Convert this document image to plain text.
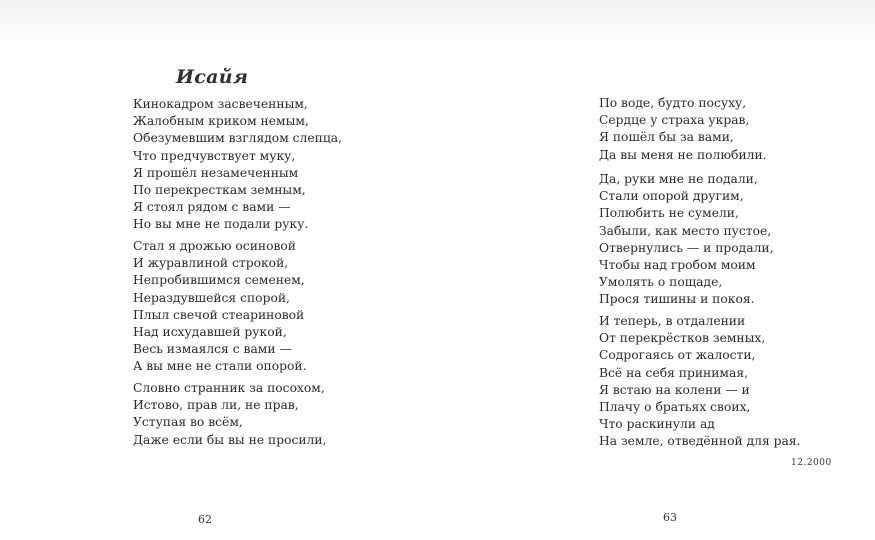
Исайя
Кинокадром засвеченным,
Жалобным криком немым,
Обезумевшим взглядом слепца,
Что предчувствует муку,
Я прошёл незамеченным
По перекресткам земным,
Я стоял рядом с вами —
Но вы мне не подали руку.
Стал я дрожью осиновой
И журавлиной строкой,
Непробившимся семенем,
Нераздувшейся спорой,
Плыл свечой стеариновой
Над исхудавшей рукой,
Весь измаялся с вами —
А вы мне не стали опорой.
Словно странник за посохом,
Истово, прав ли, не прав,
Уступая во всём,
Даже если бы вы не просили,
62
По воде, будто посуху,
Сердце у страха украв,
Я пошёл бы за вами,
Да вы меня не полюбили.
Да, руки мне не подали,
Стали опорой другим,
Полюбить не сумели,
Забыли, как место пустое,
Отвернулись — и продали,
Чтобы над гробом моим
Умолять о пощаде,
Прося тишины и покоя.
И теперь, в отдалении
От перекрёстков земных,
Содрогаясь от жалости,
Всё на себя принимая,
Я встаю на колени — и
Плачу о братьях своих,
Что раскинули ад
На земле, отведённой для рая.
12.2000
63
